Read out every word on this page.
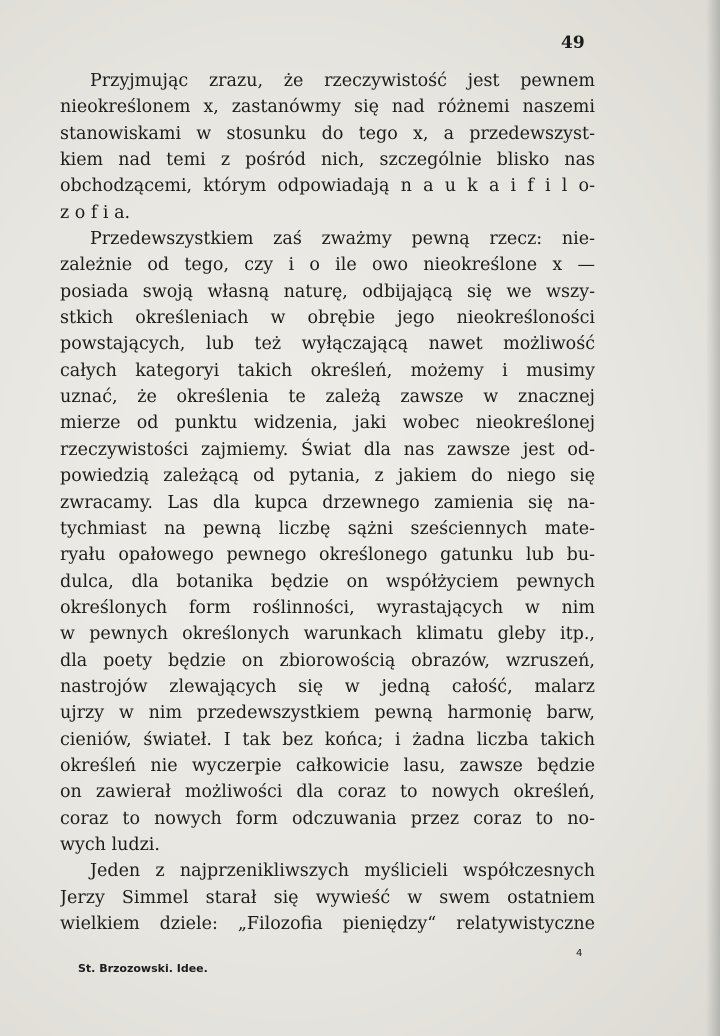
49
Przyjmując zrazu, że rzeczywistość jest pewnem
nieokreślonem x, zastanówmy się nad różnemi naszemi
stanowiskami w stosunku do tego x, a przedewszyst-
kiem nad temi z pośród nich, szczególnie blisko nas
obchodzącemi, którym odpowiadają n a u k a i f i l o-
z o f i a.
Przedewszystkiem zaś zważmy pewną rzecz: nie-
zależnie od tego, czy i o ile owo nieokreślone x —
posiada swoją własną naturę, odbijającą się we wszy-
stkich określeniach w obrębie jego nieokreśloności
powstających, lub też wyłączającą nawet możliwość
całych kategoryi takich określeń, możemy i musimy
uznać, że określenia te zależą zawsze w znacznej
mierze od punktu widzenia, jaki wobec nieokreślonej
rzeczywistości zajmiemy. Świat dla nas zawsze jest od-
powiedzią zależącą od pytania, z jakiem do niego się
zwracamy. Las dla kupca drzewnego zamienia się na-
tychmiast na pewną liczbę sążni sześciennych mate-
ryału opałowego pewnego określonego gatunku lub bu-
dulca, dla botanika będzie on współżyciem pewnych
określonych form roślinności, wyrastających w nim
w pewnych określonych warunkach klimatu gleby itp.,
dla poety będzie on zbiorowością obrazów, wzruszeń,
nastrojów zlewających się w jedną całość, malarz
ujrzy w nim przedewszystkiem pewną harmonię barw,
cieniów, świateł. I tak bez końca; i żadna liczba takich
określeń nie wyczerpie całkowicie lasu, zawsze będzie
on zawierał możliwości dla coraz to nowych określeń,
coraz to nowych form odczuwania przez coraz to no-
wych ludzi.
Jeden z najprzenikliwszych myślicieli współczesnych
Jerzy Simmel starał się wywieść w swem ostatniem
wielkiem dziele: „Filozofia pieniędzy“ relatywistyczne
St. Brzozowski. Idee.
4
